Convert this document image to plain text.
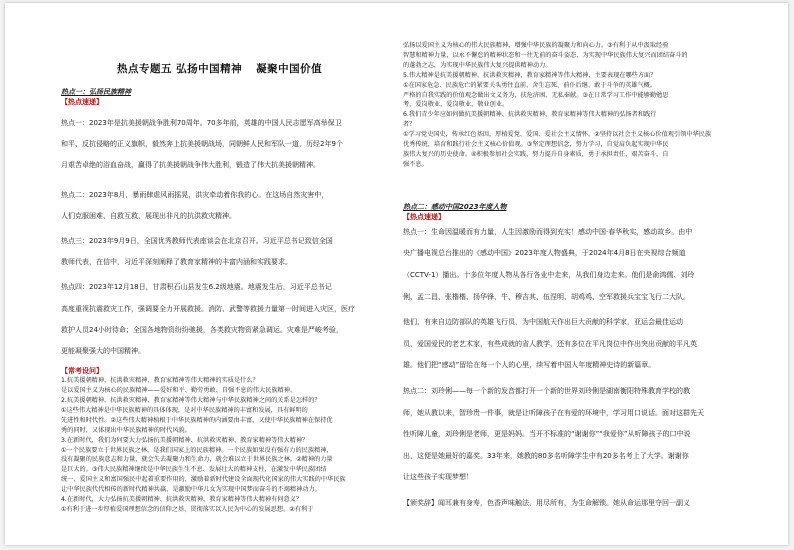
热点专题五 弘扬中国精神 凝聚中国价值

热点一：弘扬民族精神

【热点速递】

热点一：2023年是抗美援朝战争胜利70周年。70多年前，英雄的中国人民志愿军高举保卫

和平、反抗侵略的正义旗帜，毅然奔上抗美援朝战场，同朝鲜人民和军队一道，历经2年9个

月艰苦卓绝的浴血奋战，赢得了抗美援朝战争伟大胜利，锻造了伟大抗美援朝精神。

热点二：2023年8月，暴雨肆虐风雨摇晃，洪灾牵动着你我的心。在这场自然灾害中，

人们克服困难、自救互救，展现出非凡的抗洪救灾精神。

热点三：2023年9月9日，全国优秀教师代表座谈会在北京召开。习近平总书记致信全国

教师代表，在信中，习近平深刻阐释了教育家精神的丰富内涵和实践要求。

热点四：2023年12月18日，甘肃积石山县发生6.2级地震。地震发生后，习近平总书记

高度重视抗震救灾工作，强调要全力开展救援。消防、武警等救援力量第一时间进入灾区，医疗

救护人员24小时待命；全国各地物资纷纷驰援，各类救灾物资紧急调运。灾难是严峻考验，

更能凝聚强大的中国精神。

【常考设问】

1.抗美援朝精神、抗洪救灾精神、教育家精神等伟大精神的实质是什么？

是以爱国主义为核心的民族精神——爱好和平、勤劳勇敢、自强不息的伟大民族精神。

2.抗美援朝精神、抗洪救灾精神、教育家精神等伟大精神与中华民族精神之间的关系是怎样的？

①这些伟大精神是中华民族精神的具体体现，是对中华民族精神的丰富和发展，具有鲜明的

先进性和时代性。②这些伟大精神植根于中华民族精神的内涵要由丰富，又使中华民族精神在保持优

秀的同时，又体现出中华民族精神的时代风貌。

3.在新时代，我们为何要大力弘扬抗美援朝精神、抗洪救灾精神、教育家精神等伟大精神？

①一个民族要立于世界民族之林，是我们国家上的民族精神。一个民族如果没有强有力的民族精神，

没有凝聚的民族意志和力量，就会失去凝聚力和生命力，就会难以立于世界民族之林。②精神的力量

是巨大的。③伟大民族精神继续是中华民族生生不息、发展壮大的精神支柱，在激发中华民族团结

统一、爱国主义和富国强民中起着重要作用的，激励着新时代建设全面现代化国家的伟大实践的中华民族

让中华民族代代相传的新时代精神共赢，是激励中华儿女为实现中国梦而奋斗的不竭精神动力。

4.在新时代，大力弘扬抗美援朝精神、抗洪救灾精神、教育家精神等伟大精神有何意义？

①有利于进一步厚植爱国理想信念的信仰之基，贯彻落实以人民为中心的发展思想。②有利于

弘扬以爱国主义为核心的伟大民族精神，增强中华民族的凝聚力和向心力。③有利于从中汲取经验

智慧和精神力量，以永不懈怠的精神状态和一往无前的奋斗姿态，为实现中华民族伟大复兴而团结奋斗的

的蓬勃之志，为实现中华民族伟大复兴提供精神动力。

5.伟大精神是抗美援朝精神、抗洪救灾精神、教育家精神等伟大精神，主要表现在哪些方面？

①在国家危急、民族危亡的紧要关头勇往直前、舍生忘死、前仆后继、敢于斗争的英雄气概。

严格的自我实践的价值观念做出文义务为，扶危济困、无私奉献。③在日常学习工作中能够勤勉思

考，爱岗敬业，爱岗敬业、敬业创业。

6.我们青少年应如何做抗美援朝精神、抗洪救灾精神、教育家精神等伟大精神的弘扬者和践行

者？

①学习党史国史，传承红色基因，厚植爱党、爱国、爱社会主义情怀。②坚持以社会主义核心价值观引领中华民族

优秀传统，培育和践行社会主义核心价值观。③坚定理想信念，努力学习，自觉肩负起实现中华民

族伟大复兴的历史使命。④积极参加社会实践，努力提升自身素质，勇于承担责任，艰苦奋斗，自

强不息。

热点二：感动中国2023年度人物

【热点速递】

热点一：生命因温暖而有力量，人生因激励而得到充实！感动中国·春华秋实，感动故乡。由中

央广播电视总台推出的《感动中国》2023年度人物盛典，于2024年4月8日在央视综合频道

（CCTV-1）播出。十多位年度人物从各行各业中走来，从我们身边走来。他们是俞鸿儒、刘玲

俐、孟二昌、张楷楷、扬华锋、牛、穆吉其、伍涅明、胡鸡鸡、空军救援兵宝宝飞行二大队。

他们，有来自边防部队的英雄飞行员，为中国航天作出巨大贡献的科学家，亚运会最佳运动

员，爱国爱民的老艺术家，有些成就的省人教学，还有多位在平凡岗位中作出突出贡献的平凡英

雄。他们把“感动”留给在每一个人的心里，续写着中国人年度精神史诗的新篇章。

热点二：刘玲俐——每一个新的发音都打开一个新的世界刘玲俐是湖南衡阳特殊教育学校的教

师，她从教以来，智珍贵一件事，就是让听障孩子在有爱的环境中，学习用口说话。面对这群先天

性听障儿童，刘玲俐是老师，更是妈妈。当开不标准的“谢谢你”“我爱你”从听障孩子的口中说

出，这便是她最好的嘉奖。33年来，她教的80多名听障学生中有20多名考上了大学。谢谢你

让这些孩子实现梦想！

【颁奖辞】闻耳兼有身寿，色香声味触法，用尽所有，为生命解锁。她从命运那里夺回一副义
